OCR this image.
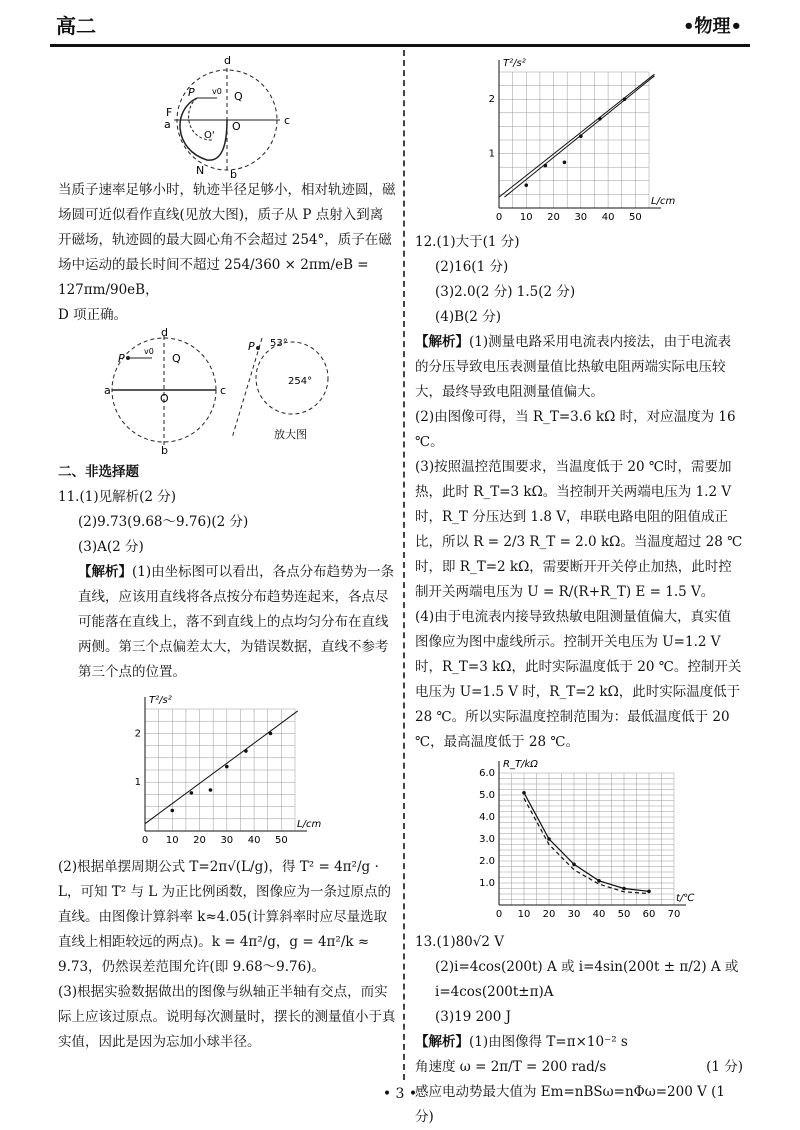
高二	•物理•
d
P v0 Q
F
a	O	c
O'
N b

当质子速率足够小时，轨迹半径足够小，相对轨迹圆，磁场圆可近似看作直线(见放大图)，质子从 P 点射入到离开磁场，轨迹圆的最大圆心角不会超过 254°，质子在磁场中运动的最长时间不超过 254/360 × 2πm/eB = 127πm/90eB，

D 项正确。

d
P
v0
Q
a
O
c
b
P 53°
254°
放大图

二、非选择题

11.(1)见解析(2 分)

(2)9.73(9.68～9.76)(2 分)

(3)A(2 分)

【解析】(1)由坐标图可以看出，各点分布趋势为一条直线，应该用直线将各点按分布趋势连起来，各点尽可能落在直线上，落不到直线上的点均匀分布在直线两侧。第三个点偏差太大，为错误数据，直线不参考第三个点的位置。

0 10 20 30 40 50
1
2
L/cm
T²/s²

(2)根据单摆周期公式 T=2π√(L/g)，得 T² = 4π²/g · L，可知 T² 与 L 为正比例函数，图像应为一条过原点的直线。由图像计算斜率 k≈4.05(计算斜率时应尽量选取直线上相距较远的两点)。k = 4π²/g，g = 4π²/k ≈ 9.73，仍然误差范围允许(即 9.68～9.76)。

(3)根据实验数据做出的图像与纵轴正半轴有交点，而实际上应该过原点。说明每次测量时，摆长的测量值小于真实值，因此是因为忘加小球半径。

0 10 20 30 40 50
1
2
L/cm
T²/s²

12.(1)大于(1 分)

(2)16(1 分)

(3)2.0(2 分) 1.5(2 分)

(4)B(2 分)

【解析】(1)测量电路采用电流表内接法，由于电流表的分压导致电压表测量值比热敏电阻两端实际电压较大，最终导致电阻测量值偏大。

(2)由图像可得，当 R_T=3.6 kΩ 时，对应温度为 16 ℃。

(3)按照温控范围要求，当温度低于 20 ℃时，需要加热，此时 R_T=3 kΩ。当控制开关两端电压为 1.2 V 时，R_T 分压达到 1.8 V，串联电路电阻的阻值成正比，所以 R = 2/3 R_T = 2.0 kΩ。当温度超过 28 ℃时，即 R_T=2 kΩ，需要断开开关停止加热，此时控制开关两端电压为 U = R/(R+R_T) E = 1.5 V。

(4)由于电流表内接导致热敏电阻测量值偏大，真实值图像应为图中虚线所示。控制开关电压为 U=1.2 V 时，R_T=3 kΩ，此时实际温度低于 20 ℃。控制开关电压为 U=1.5 V 时，R_T=2 kΩ，此时实际温度低于 28 ℃。所以实际温度控制范围为：最低温度低于 20 ℃，最高温度低于 28 ℃。

0 10 20 30 40 50 60 70
1.0
2.0
3.0
4.0
5.0
6.0
t/℃
R_T/kΩ

13.(1)80√2 V

(2)i=4cos(200t) A 或 i=4sin(200t ± π/2) A 或 i=4cos(200t±π)A

(3)19 200 J

【解析】(1)由图像得 T=π×10⁻² s

角速度 ω = 2π/T = 200 rad/s	(1 分)

感应电动势最大值为 Em=nBSω=nΦω=200 V (1 分)

• 3 •
